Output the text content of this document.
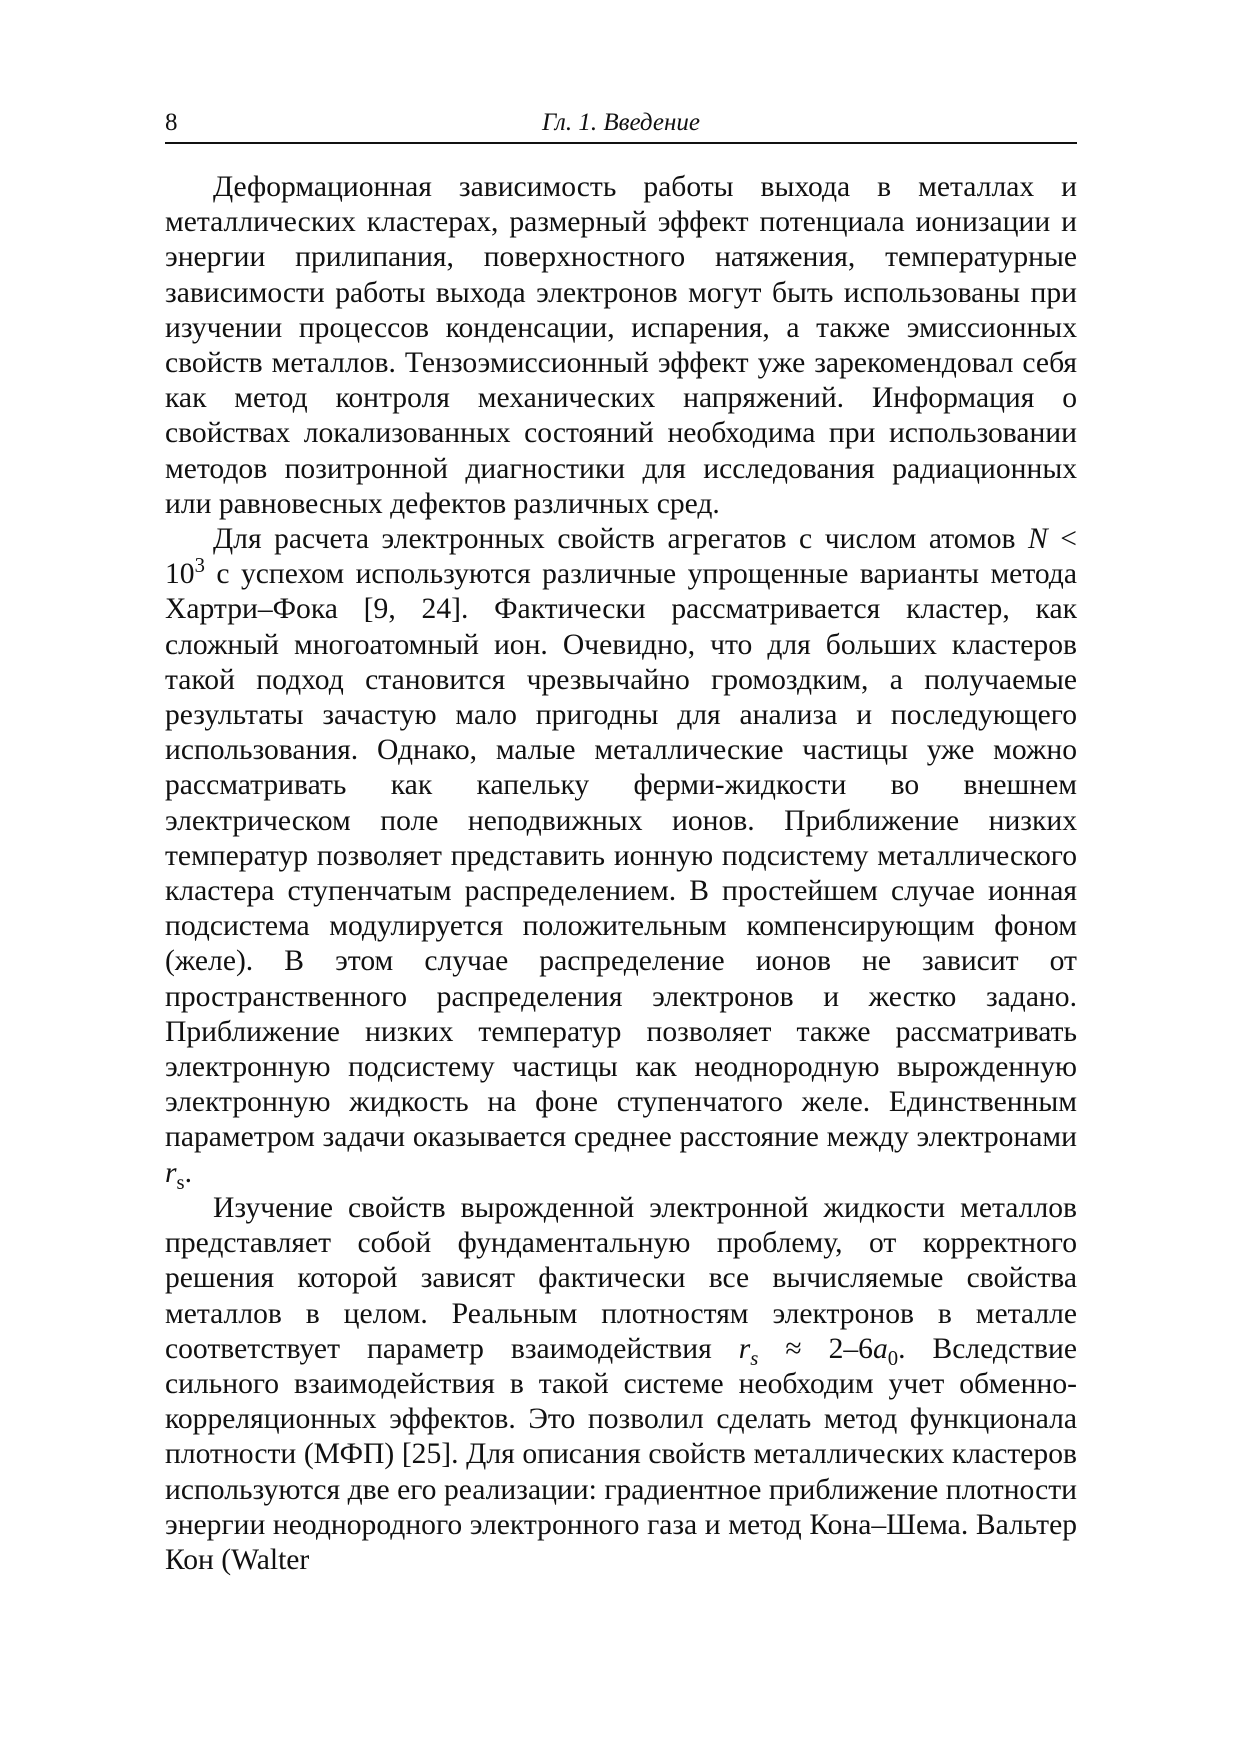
8	Гл. 1. Введение

Деформационная зависимость работы выхода в металлах и металлических кластерах, размерный эффект потенциала ионизации и энергии прилипания, поверхностного натяжения, температурные зависимости работы выхода электронов могут быть использованы при изучении процессов конденсации, испарения, а также эмиссионных свойств металлов. Тензоэмиссионный эффект уже зарекомендовал себя как метод контроля механических напряжений. Информация о свойствах локализованных состояний необходима при использовании методов позитронной диагностики для исследования радиационных или равновесных дефектов различных сред.

Для расчета электронных свойств агрегатов с числом атомов $N < 10^3$ с успехом используются различные упрощенные варианты метода Хартри–Фока [9, 24]. Фактически рассматривается кластер, как сложный многоатомный ион. Очевидно, что для больших кластеров такой подход становится чрезвычайно громоздким, а получаемые результаты зачастую мало пригодны для анализа и последующего использования. Однако, малые металлические частицы уже можно рассматривать как капельку ферми-жидкости во внешнем электрическом поле неподвижных ионов. Приближение низких температур позволяет представить ионную подсистему металлического кластера ступенчатым распределением. В простейшем случае ионная подсистема модулируется положительным компенсирующим фоном (желе). В этом случае распределение ионов не зависит от пространственного распределения электронов и жестко задано. Приближение низких температур позволяет также рассматривать электронную подсистему частицы как неоднородную вырожденную электронную жидкость на фоне ступенчатого желе. Единственным параметром задачи оказывается среднее расстояние между электронами $r_s$.

Изучение свойств вырожденной электронной жидкости металлов представляет собой фундаментальную проблему, от корректного решения которой зависят фактически все вычисляемые свойства металлов в целом. Реальным плотностям электронов в металле соответствует параметр взаимодействия $r_s \approx 2-6a_0$. Вследствие сильного взаимодействия в такой системе необходим учет обменно-корреляционных эффектов. Это позволил сделать метод функционала плотности (МФП) [25]. Для описания свойств металлических кластеров используются две его реализации: градиентное приближение плотности энергии неоднородного электронного газа и метод Кона–Шема. Вальтер Кон (Walter
